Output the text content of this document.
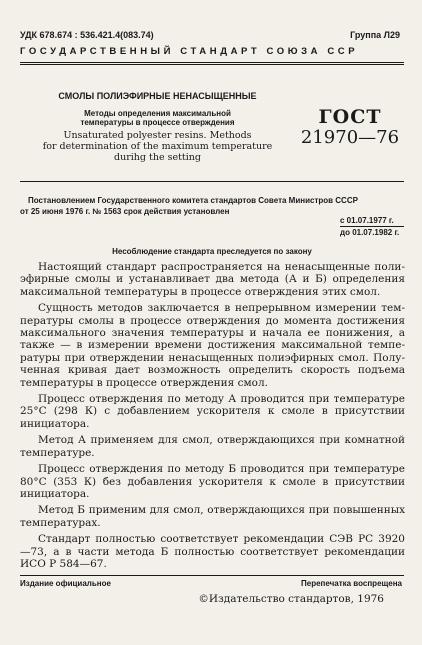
УДК 678.674 : 536.421.4(083.74)	Группа Л29
ГОСУДАРСТВЕННЫЙ СТАНДАРТ СОЮЗА ССР
СМОЛЫ ПОЛИЭФИРНЫЕ НЕНАСЫЩЕННЫЕ
Методы определения максимальной
температуры в процессе отверждения
Unsaturated polyester resins. Methods
for determination of the maximum temperature
durihg the setting
ГОСТ
21970—76
Постановлением Государственного комитета стандартов Совета Министров СССР
от 25 июня 1976 г. № 1563 срок действия установлен
с 01.07.1977 г.
до 01.07.1982 г.
Несоблюдение стандарта преследуется по закону

Настоящий стандарт распространяется на ненасыщенные полиэфирные смолы и устанавливает два метода (А и Б) определения максимальной температуры в процессе отверждения этих смол.

Сущность методов заключается в непрерывном измерении температуры смолы в процессе отверждения до момента достижения максимального значения температуры и начала ее понижения, а также — в измерении времени достижения максимальной температуры при отверждении ненасыщенных полиэфирных смол. Полученная кривая дает возможность определить скорость подъема температуры в процессе отверждения смол.

Процесс отверждения по методу А проводится при температуре 25°С (298 К) с добавлением ускорителя к смоле в присутствии инициатора.

Метод А применяем для смол, отверждающихся при комнатной температуре.

Процесс отверждения по методу Б проводится при температуре 80°С (353 К) без добавления ускорителя к смоле в присутствии инициатора.

Метод Б применим для смол, отверждающихся при повышенных температурах.

Стандарт полностью соответствует рекомендации СЭВ РС 3920—73, а в части метода Б полностью соответствует рекомендации ИСО Р 584—67.

Издание официальное	Перепечатка воспрещена
©Издательство стандартов, 1976
